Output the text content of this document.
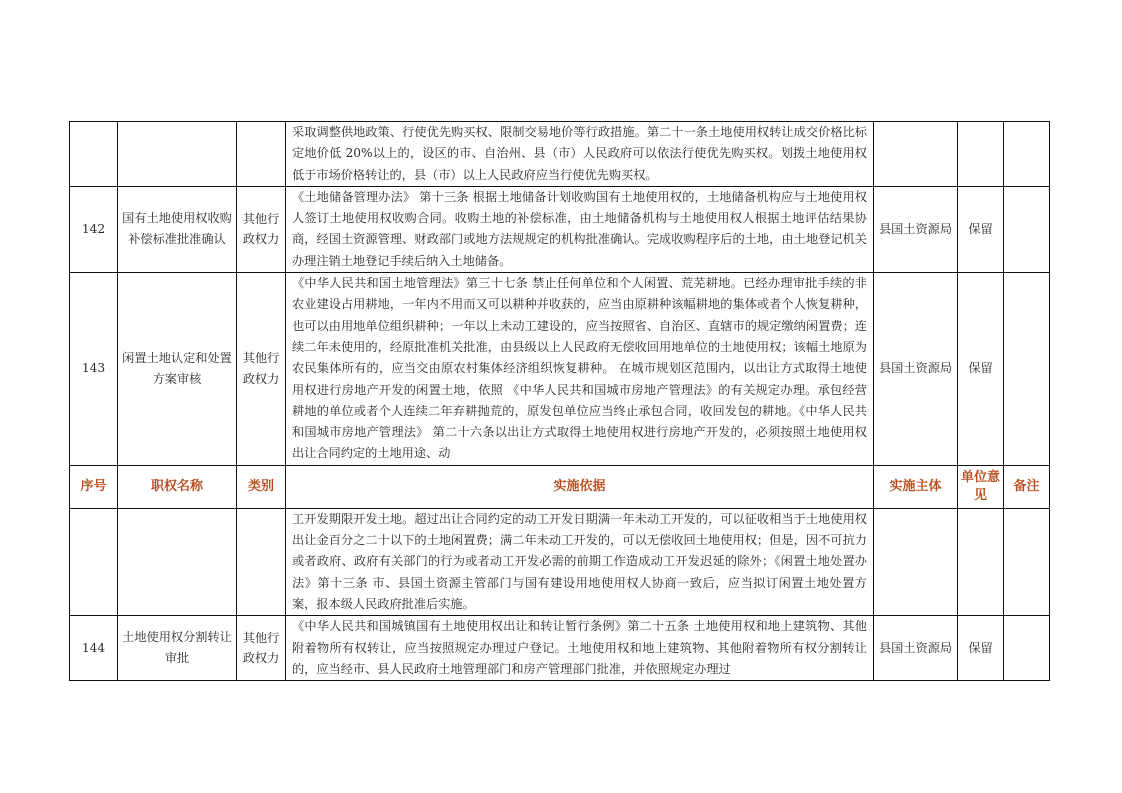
			采取调整供地政策、行使优先购买权、限制交易地价等行政措施。第二十一条土地使用权转让成交价格比标定地价低 20%以上的，设区的市、自治州、县（市）人民政府可以依法行使优先购买权。划拨土地使用权低于市场价格转让的，县（市）以上人民政府应当行使优先购买权。			
142	国有土地使用权收购补偿标准批准确认	其他行政权力	《土地储备管理办法》 第十三条 根据土地储备计划收购国有土地使用权的，土地储备机构应与土地使用权人签订土地使用权收购合同。收购土地的补偿标准，由土地储备机构与土地使用权人根据土地评估结果协商，经国土资源管理、财政部门或地方法规规定的机构批准确认。完成收购程序后的土地，由土地登记机关办理注销土地登记手续后纳入土地储备。	县国土资源局	保留	
143	闲置土地认定和处置方案审核	其他行政权力	《中华人民共和国土地管理法》第三十七条 禁止任何单位和个人闲置、荒芜耕地。已经办理审批手续的非农业建设占用耕地，一年内不用而又可以耕种并收获的，应当由原耕种该幅耕地的集体或者个人恢复耕种，也可以由用地单位组织耕种；一年以上未动工建设的，应当按照省、自治区、直辖市的规定缴纳闲置费；连续二年未使用的，经原批准机关批准，由县级以上人民政府无偿收回用地单位的土地使用权；该幅土地原为农民集体所有的，应当交由原农村集体经济组织恢复耕种。 在城市规划区范围内，以出让方式取得土地使用权进行房地产开发的闲置土地，依照 《中华人民共和国城市房地产管理法》的有关规定办理。承包经营耕地的单位或者个人连续二年弃耕抛荒的，原发包单位应当终止承包合同，收回发包的耕地。《中华人民共和国城市房地产管理法》 第二十六条以出让方式取得土地使用权进行房地产开发的，必须按照土地使用权出让合同约定的土地用途、动	县国土资源局	保留	
序号	职权名称	类别	实施依据	实施主体	单位意见	备注
			工开发期限开发土地。超过出让合同约定的动工开发日期满一年未动工开发的，可以征收相当于土地使用权出让金百分之二十以下的土地闲置费；满二年未动工开发的，可以无偿收回土地使用权；但是，因不可抗力或者政府、政府有关部门的行为或者动工开发必需的前期工作造成动工开发迟延的除外；《闲置土地处置办法》第十三条 市、县国土资源主管部门与国有建设用地使用权人协商一致后，应当拟订闲置土地处置方案，报本级人民政府批准后实施。			
144	土地使用权分割转让审批	其他行政权力	《中华人民共和国城镇国有土地使用权出让和转让暂行条例》第二十五条 土地使用权和地上建筑物、其他附着物所有权转让，应当按照规定办理过户登记。土地使用权和地上建筑物、其他附着物所有权分割转让的，应当经市、县人民政府土地管理部门和房产管理部门批准，并依照规定办理过	县国土资源局	保留	
